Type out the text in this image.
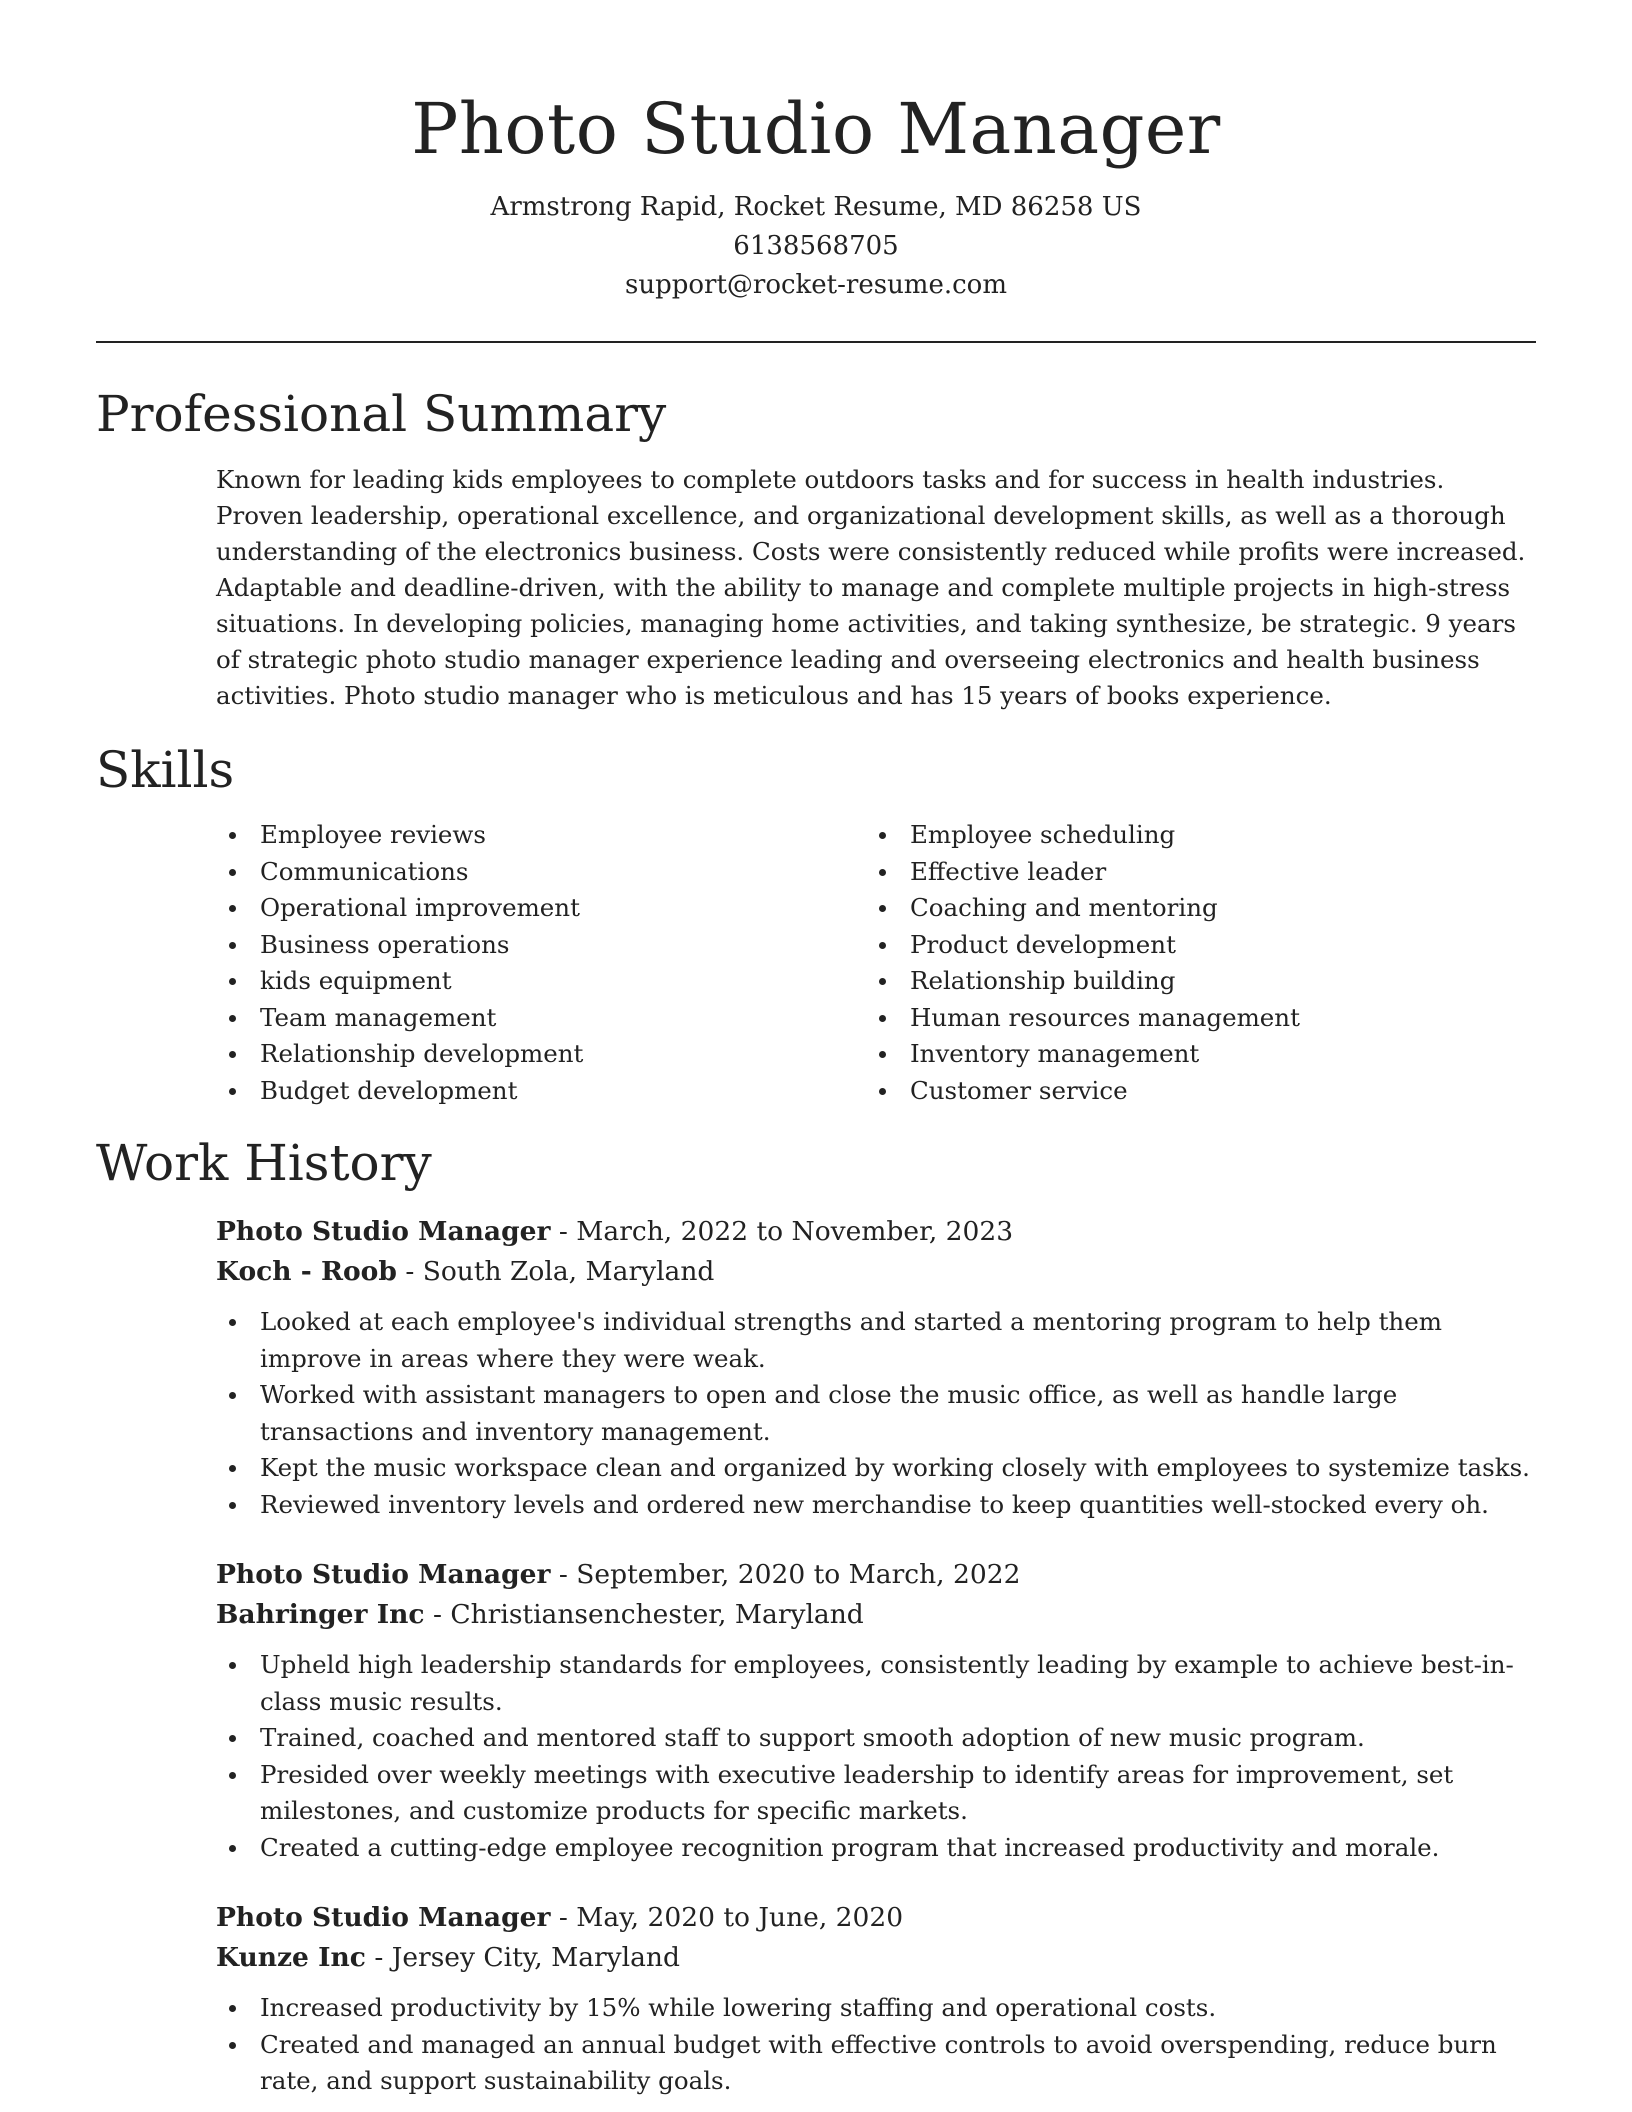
Photo Studio Manager
Armstrong Rapid, Rocket Resume, MD 86258 US
6138568705
support@rocket-resume.com
Professional Summary

Known for leading kids employees to complete outdoors tasks and for success in health industries. Proven leadership, operational excellence, and organizational development skills, as well as a thorough understanding of the electronics business. Costs were consistently reduced while profits were increased. Adaptable and deadline-driven, with the ability to manage and complete multiple projects in high-stress situations. In developing policies, managing home activities, and taking synthesize, be strategic. 9 years of strategic photo studio manager experience leading and overseeing electronics and health business activities. Photo studio manager who is meticulous and has 15 years of books experience.

Skills
Employee reviews
Communications
Operational improvement
Business operations
kids equipment
Team management
Relationship development
Budget development
Employee scheduling
Effective leader
Coaching and mentoring
Product development
Relationship building
Human resources management
Inventory management
Customer service
Work History
Photo Studio Manager - March, 2022 to November, 2023
Koch - Roob - South Zola, Maryland
Looked at each employee's individual strengths and started a mentoring program to help them improve in areas where they were weak.
Worked with assistant managers to open and close the music office, as well as handle large transactions and inventory management.
Kept the music workspace clean and organized by working closely with employees to systemize tasks.
Reviewed inventory levels and ordered new merchandise to keep quantities well-stocked every oh.
Photo Studio Manager - September, 2020 to March, 2022
Bahringer Inc - Christiansenchester, Maryland
Upheld high leadership standards for employees, consistently leading by example to achieve best-in-class music results.
Trained, coached and mentored staff to support smooth adoption of new music program.
Presided over weekly meetings with executive leadership to identify areas for improvement, set milestones, and customize products for specific markets.
Created a cutting-edge employee recognition program that increased productivity and morale.
Photo Studio Manager - May, 2020 to June, 2020
Kunze Inc - Jersey City, Maryland
Increased productivity by 15% while lowering staffing and operational costs.
Created and managed an annual budget with effective controls to avoid overspending, reduce burn rate, and support sustainability goals.
